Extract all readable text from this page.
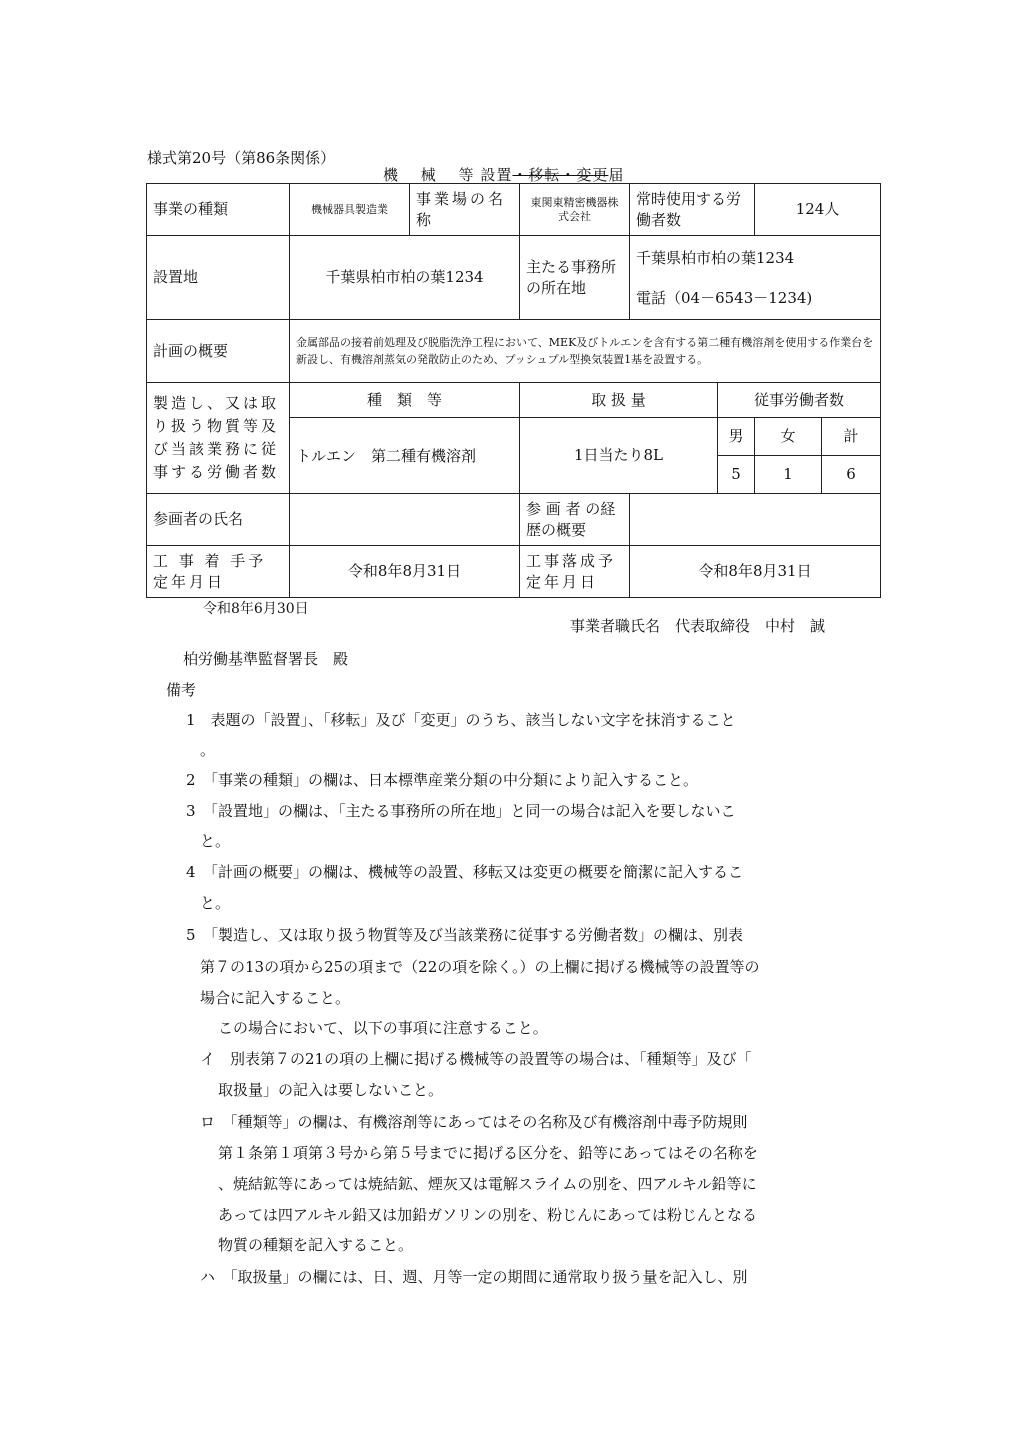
様式第20号（第86条関係）
機 械 等 設置・移転・変更届
事業の種類	機械器具製造業	事業場の名称	東関東精密機器株式会社	常時使用する労働者数		124人	
設置地	千葉県柏市柏の葉1234		主たる事務所の所在地	千葉県柏市柏の葉1234
電話（04－6543－1234)			

計画の概要	金属部品の接着前処理及び脱脂洗浄工程において、MEK及びトルエンを含有する第二種有機溶剤を使用する作業台を新設し、有機溶剤蒸気の発散防止のため、プッシュプル型換気装置1基を設置する。						
製造し、又は取り扱う物質等及び当該業務に従事する労働者数	種　類　等		取 扱 量		従事労働者数		
	トルエン　第二種有機溶剤		1日当たり8L		男	女	計
					5	1	6
参画者の氏名			参 画 者 の経歴の概要				
工 事 着 手予定年月日	令和8年8月31日		工事落成予定年月日	令和8年8月31日			
令和8年6月30日
事業者職氏名　代表取締役　中村　誠
柏労働基準監督署長　殿
備考
1　表題の「設置」、「移転」及び「変更」のうち、該当しない文字を抹消すること
。
2　「事業の種類」の欄は、日本標準産業分類の中分類により記入すること。
3　「設置地」の欄は、「主たる事務所の所在地」と同一の場合は記入を要しないこ
と。
4　「計画の概要」の欄は、機械等の設置、移転又は変更の概要を簡潔に記入するこ
と。
5　「製造し、又は取り扱う物質等及び当該業務に従事する労働者数」の欄は、別表
第７の13の項から25の項まで（22の項を除く。）の上欄に掲げる機械等の設置等の
場合に記入すること。
この場合において、以下の事項に注意すること。
イ　別表第７の21の項の上欄に掲げる機械等の設置等の場合は、「種類等」及び「
取扱量」の記入は要しないこと。
ロ　「種類等」の欄は、有機溶剤等にあってはその名称及び有機溶剤中毒予防規則
第１条第１項第３号から第５号までに掲げる区分を、鉛等にあってはその名称を
、焼結鉱等にあっては焼結鉱、煙灰又は電解スライムの別を、四アルキル鉛等に
あっては四アルキル鉛又は加鉛ガソリンの別を、粉じんにあっては粉じんとなる
物質の種類を記入すること。
ハ　「取扱量」の欄には、日、週、月等一定の期間に通常取り扱う量を記入し、別
